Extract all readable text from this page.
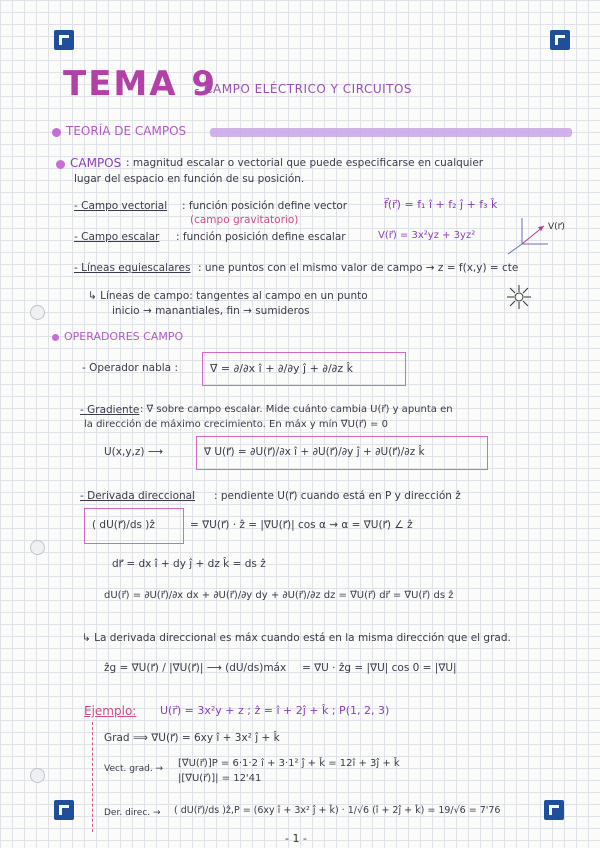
TEMA 9
- CAMPO ELÉCTRICO Y CIRCUITOS
TEORÍA DE CAMPOS
CAMPOS : magnitud escalar o vectorial que puede especificarse en cualquier
lugar del espacio en función de su posición.
- Campo vectorial : función posición define vector	f⃗(r⃗) = f₁ î + f₂ ĵ + f₃ k̂
(campo gravitatorio)
- Campo escalar : función posición define escalar	V(r⃗) = 3x²yz + 3yz²
V(r⃗)
- Líneas equiescalares : une puntos con el mismo valor de campo → z = f(x,y) = cte
↳ Líneas de campo: tangentes al campo en un punto
inicio → manantiales, fin → sumideros
OPERADORES CAMPO
- Operador nabla :	∇⃗ = ∂/∂x î + ∂/∂y ĵ + ∂/∂z k̂
- Gradiente : ∇⃗ sobre campo escalar. Mide cuánto cambia U(r⃗) y apunta en
la dirección de máximo crecimiento. En máx y mín ∇⃗U(r⃗) = 0
U(x,y,z) ⟶	∇⃗ U(r⃗) = ∂U(r⃗)/∂x î + ∂U(r⃗)/∂y ĵ + ∂U(r⃗)/∂z k̂
- Derivada direccional : pendiente U(r⃗) cuando está en P y dirección ẑ
( dU(r⃗)/ds )ẑ	= ∇⃗U(r⃗) · ẑ = |∇⃗U(r⃗)| cos α ⇝ α = ∇⃗U(r⃗) ∠ ẑ
dr⃗ = dx î + dy ĵ + dz k̂ = ds ẑ
dU(r⃗) = ∂U(r⃗)/∂x dx + ∂U(r⃗)/∂y dy + ∂U(r⃗)/∂z dz = ∇⃗U(r⃗) dr⃗ = ∇⃗U(r⃗) ds ẑ
↳ La derivada direccional es máx cuando está en la misma dirección que el grad.
ẑg = ∇⃗U(r⃗) / |∇⃗U(r⃗)| ⟶ (dU/ds)máx = ∇⃗U · ẑg = |∇⃗U| cos 0 = |∇⃗U|
Ejemplo: U(r⃗) = 3x²y + z ; ẑ = î + 2ĵ + k̂ ; P(1, 2, 3)
Grad ⟹ ∇⃗U(r⃗) = 6xy î + 3x² ĵ + k̂
Vect. grad. → [∇⃗U(r⃗)]P = 6·1·2 î + 3·1² ĵ + k̂ = 12î + 3ĵ + k̂
|[∇⃗U(r⃗)]| = 12'41
Der. direc. → ( dU(r⃗)/ds )ẑ,P = (6xy î + 3x² ĵ + k̂) · 1/√6 (î + 2ĵ + k̂) = 19/√6 = 7'76
- 1 -
